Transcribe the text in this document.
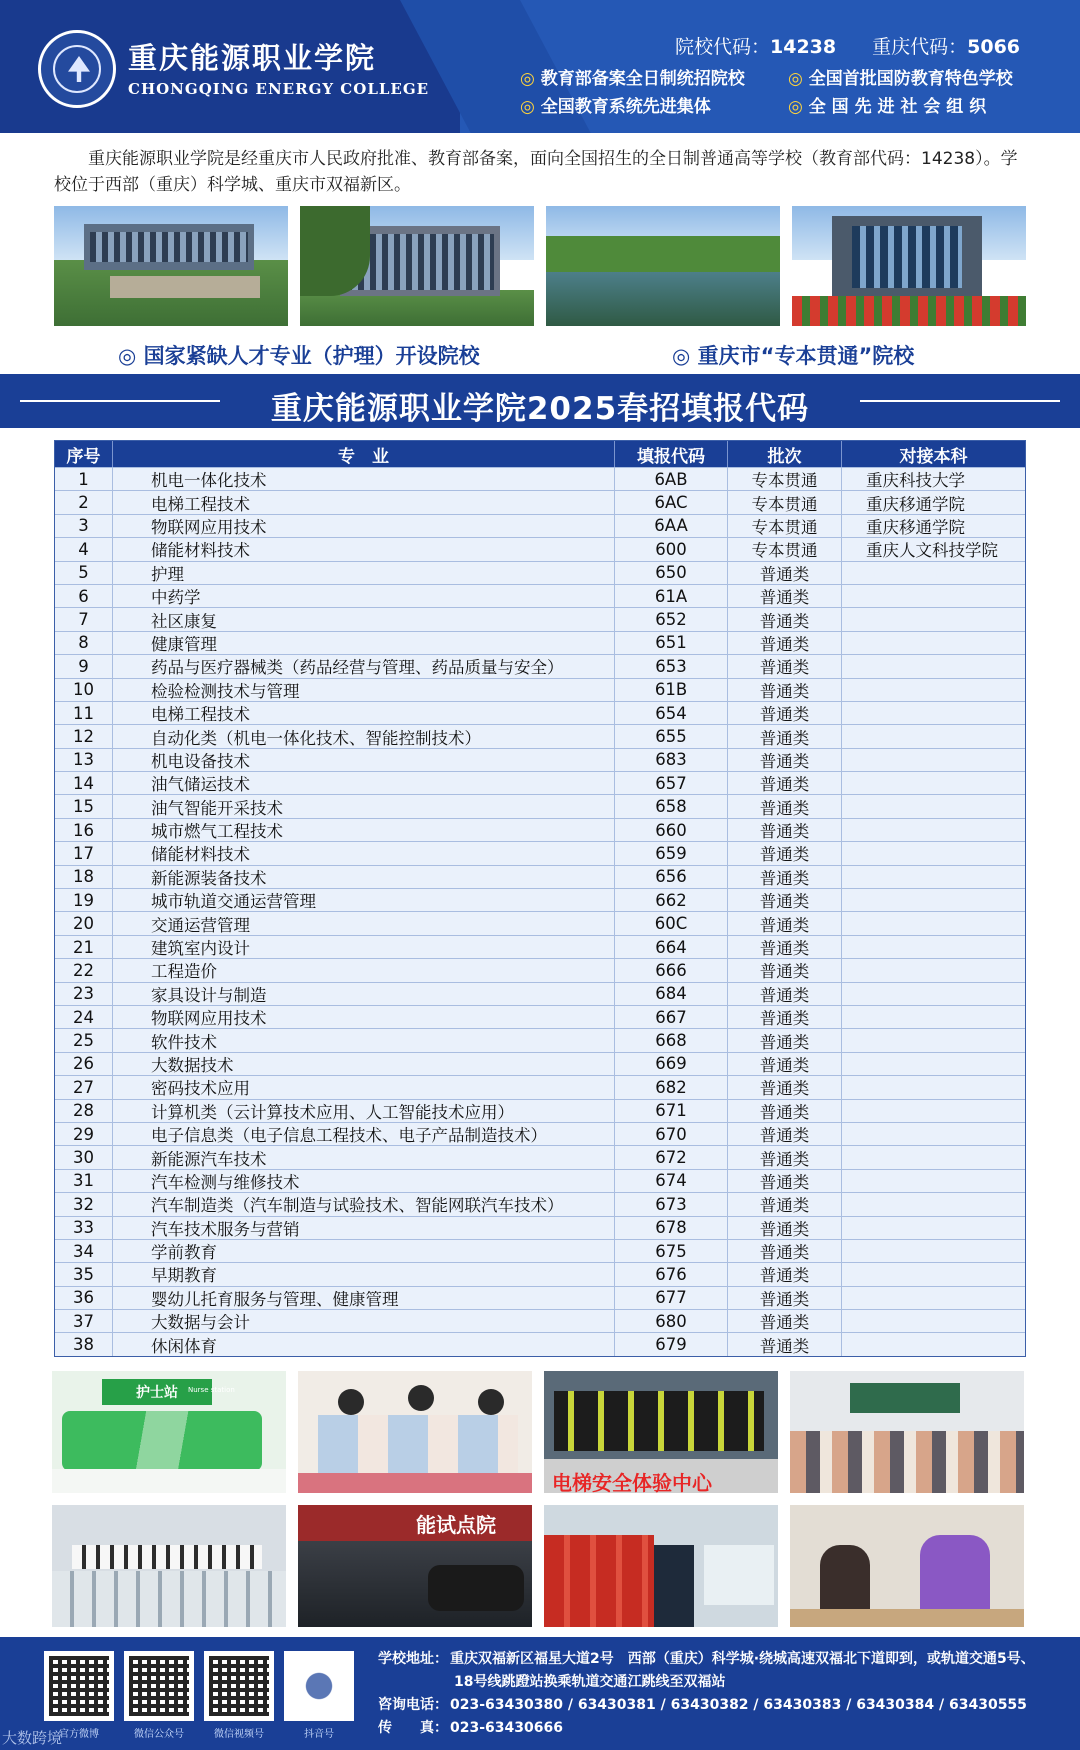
重庆能源职业学院
CHONGQING ENERGY COLLEGE
院校代码：14238 重庆代码：5066
◎ 教育部备案全日制统招院校	◎ 全国首批国防教育特色学校
◎ 全国教育系统先进集体	◎ 全 国 先 进 社 会 组 织
重庆能源职业学院是经重庆市人民政府批准、教育部备案，面向全国招生的全日制普通高等学校（教育部代码：14238）。学校位于西部（重庆）科学城、重庆市双福新区。
◎ 国家紧缺人才专业（护理）开设院校	◎ 重庆市“专本贯通”院校
重庆能源职业学院2025春招填报代码
序号	专　业	填报代码	批次	对接本科
1	机电一体化技术	6AB	专本贯通	重庆科技大学
2	电梯工程技术	6AC	专本贯通	重庆移通学院
3	物联网应用技术	6AA	专本贯通	重庆移通学院
4	储能材料技术	600	专本贯通	重庆人文科技学院
5	护理	650	普通类
6	中药学	61A	普通类
7	社区康复	652	普通类
8	健康管理	651	普通类
9	药品与医疗器械类（药品经营与管理、药品质量与安全）	653	普通类
10	检验检测技术与管理	61B	普通类
11	电梯工程技术	654	普通类
12	自动化类（机电一体化技术、智能控制技术）	655	普通类
13	机电设备技术	683	普通类
14	油气储运技术	657	普通类
15	油气智能开采技术	658	普通类
16	城市燃气工程技术	660	普通类
17	储能材料技术	659	普通类
18	新能源装备技术	656	普通类
19	城市轨道交通运营管理	662	普通类
20	交通运营管理	60C	普通类
21	建筑室内设计	664	普通类
22	工程造价	666	普通类
23	家具设计与制造	684	普通类
24	物联网应用技术	667	普通类
25	软件技术	668	普通类
26	大数据技术	669	普通类
27	密码技术应用	682	普通类
28	计算机类（云计算技术应用、人工智能技术应用）	671	普通类
29	电子信息类（电子信息工程技术、电子产品制造技术）	670	普通类
30	新能源汽车技术	672	普通类
31	汽车检测与维修技术	674	普通类
32	汽车制造类（汽车制造与试验技术、智能网联汽车技术）	673	普通类
33	汽车技术服务与营销	678	普通类
34	学前教育	675	普通类
35	早期教育	676	普通类
36	婴幼儿托育服务与管理、健康管理	677	普通类
37	大数据与会计	680	普通类
38	休闲体育	679	普通类
护士站 Nurse station
电梯安全体验中心
能试点院
官方微博	微信公众号	微信视频号	抖音号
学校地址： 重庆双福新区福星大道2号　西部（重庆）科学城·绕城高速双福北下道即到，或轨道交通5号、
18号线跳蹬站换乘轨道交通江跳线至双福站
咨询电话： 023-63430380 / 63430381 / 63430382 / 63430383 / 63430384 / 63430555
传　　真： 023-63430666
大数跨境
